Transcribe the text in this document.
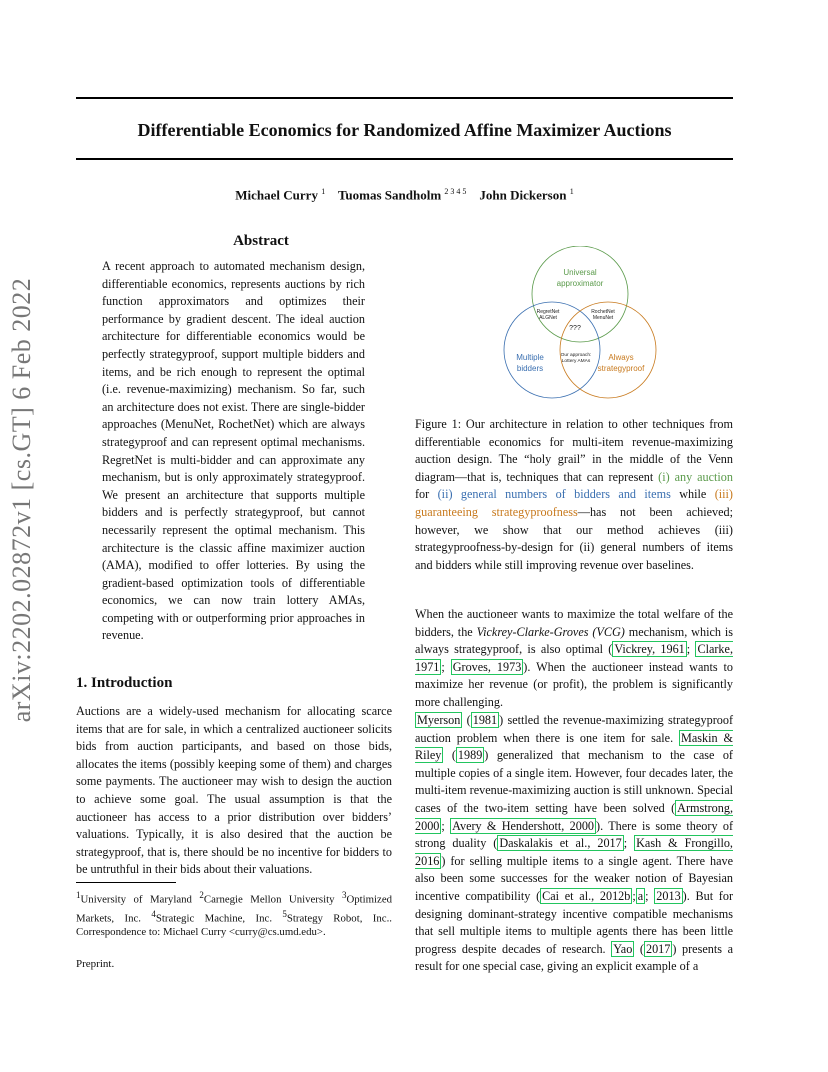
Differentiable Economics for Randomized Affine Maximizer Auctions
Michael Curry $^1$ Tuomas Sandholm $^{2 3 4 5}$ John Dickerson $^1$
arXiv:2202.02872v1 [cs.GT] 6 Feb 2022
Abstract
A recent approach to automated mechanism design, differentiable economics, represents auctions by rich function approximators and optimizes their performance by gradient descent. The ideal auction architecture for differentiable economics would be perfectly strategyproof, support multiple bidders and items, and be rich enough to represent the optimal (i.e. revenue-maximizing) mechanism. So far, such an architecture does not exist. There are single-bidder approaches (MenuNet, RochetNet) which are always strategyproof and can represent optimal mechanisms. RegretNet is multi-bidder and can approximate any mechanism, but is only approximately strategyproof. We present an architecture that supports multiple bidders and is perfectly strategyproof, but cannot necessarily represent the optimal mechanism. This architecture is the classic affine maximizer auction (AMA), modified to offer lotteries. By using the gradient-based optimization tools of differentiable economics, we can now train lottery AMAs, competing with or outperforming prior approaches in revenue.
1. Introduction
Auctions are a widely-used mechanism for allocating scarce items that are for sale, in which a centralized auctioneer solicits bids from auction participants, and based on those bids, allocates the items (possibly keeping some of them) and charges some payments. The auctioneer may wish to design the auction to achieve some goal. The usual assumption is that the auctioneer has access to a prior distribution over bidders’ valuations. Typically, it is also desired that the auction be strategyproof, that is, there should be no incentive for bidders to be untruthful in their bids about their valuations.
$^1$University of Maryland $^2$Carnegie Mellon University $^3$Optimized Markets, Inc. $^4$Strategic Machine, Inc. $^5$Strategy Robot, Inc.. Correspondence to: Michael Curry <curry@cs.umd.edu>.
Preprint.
Universal
approximator
Multiple
bidders
Always
strategyproof
RegretNet
ALGNet
RochetNet
MenuNet
???
Our approach:
Lottery AMAs
Figure 1: Our architecture in relation to other techniques from differentiable economics for multi-item revenue-maximizing auction design. The “holy grail” in the middle of the Venn diagram—that is, techniques that can represent (i) any auction for (ii) general numbers of bidders and items while (iii) guaranteeing strategyproofness—has not been achieved; however, we show that our method achieves (iii) strategyproofness-by-design for (ii) general numbers of items and bidders while still improving revenue over baselines.
When the auctioneer wants to maximize the total welfare of the bidders, the Vickrey-Clarke-Groves (VCG) mechanism, which is always strategyproof, is also optimal ( Vickrey, 1961 ; Clarke, 1971 ; Groves, 1973 ). When the auctioneer instead wants to maximize her revenue (or profit), the problem is significantly more challenging.
Myerson ( 1981 ) settled the revenue-maximizing strategyproof auction problem when there is one item for sale. Maskin & Riley ( 1989 ) generalized that mechanism to the case of multiple copies of a single item. However, four decades later, the multi-item revenue-maximizing auction is still unknown. Special cases of the two-item setting have been solved ( Armstrong, 2000 ; Avery & Hendershott, 2000 ). There is some theory of strong duality ( Daskalakis et al., 2017 ; Kash & Frongillo, 2016 ) for selling multiple items to a single agent. There have also been some successes for the weaker notion of Bayesian incentive compatibility ( Cai et al., 2012b ; a ; 2013 ). But for designing dominant-strategy incentive compatible mechanisms that sell multiple items to multiple agents there has been little progress despite decades of research. Yao ( 2017 ) presents a result for one special case, giving an explicit example of a
